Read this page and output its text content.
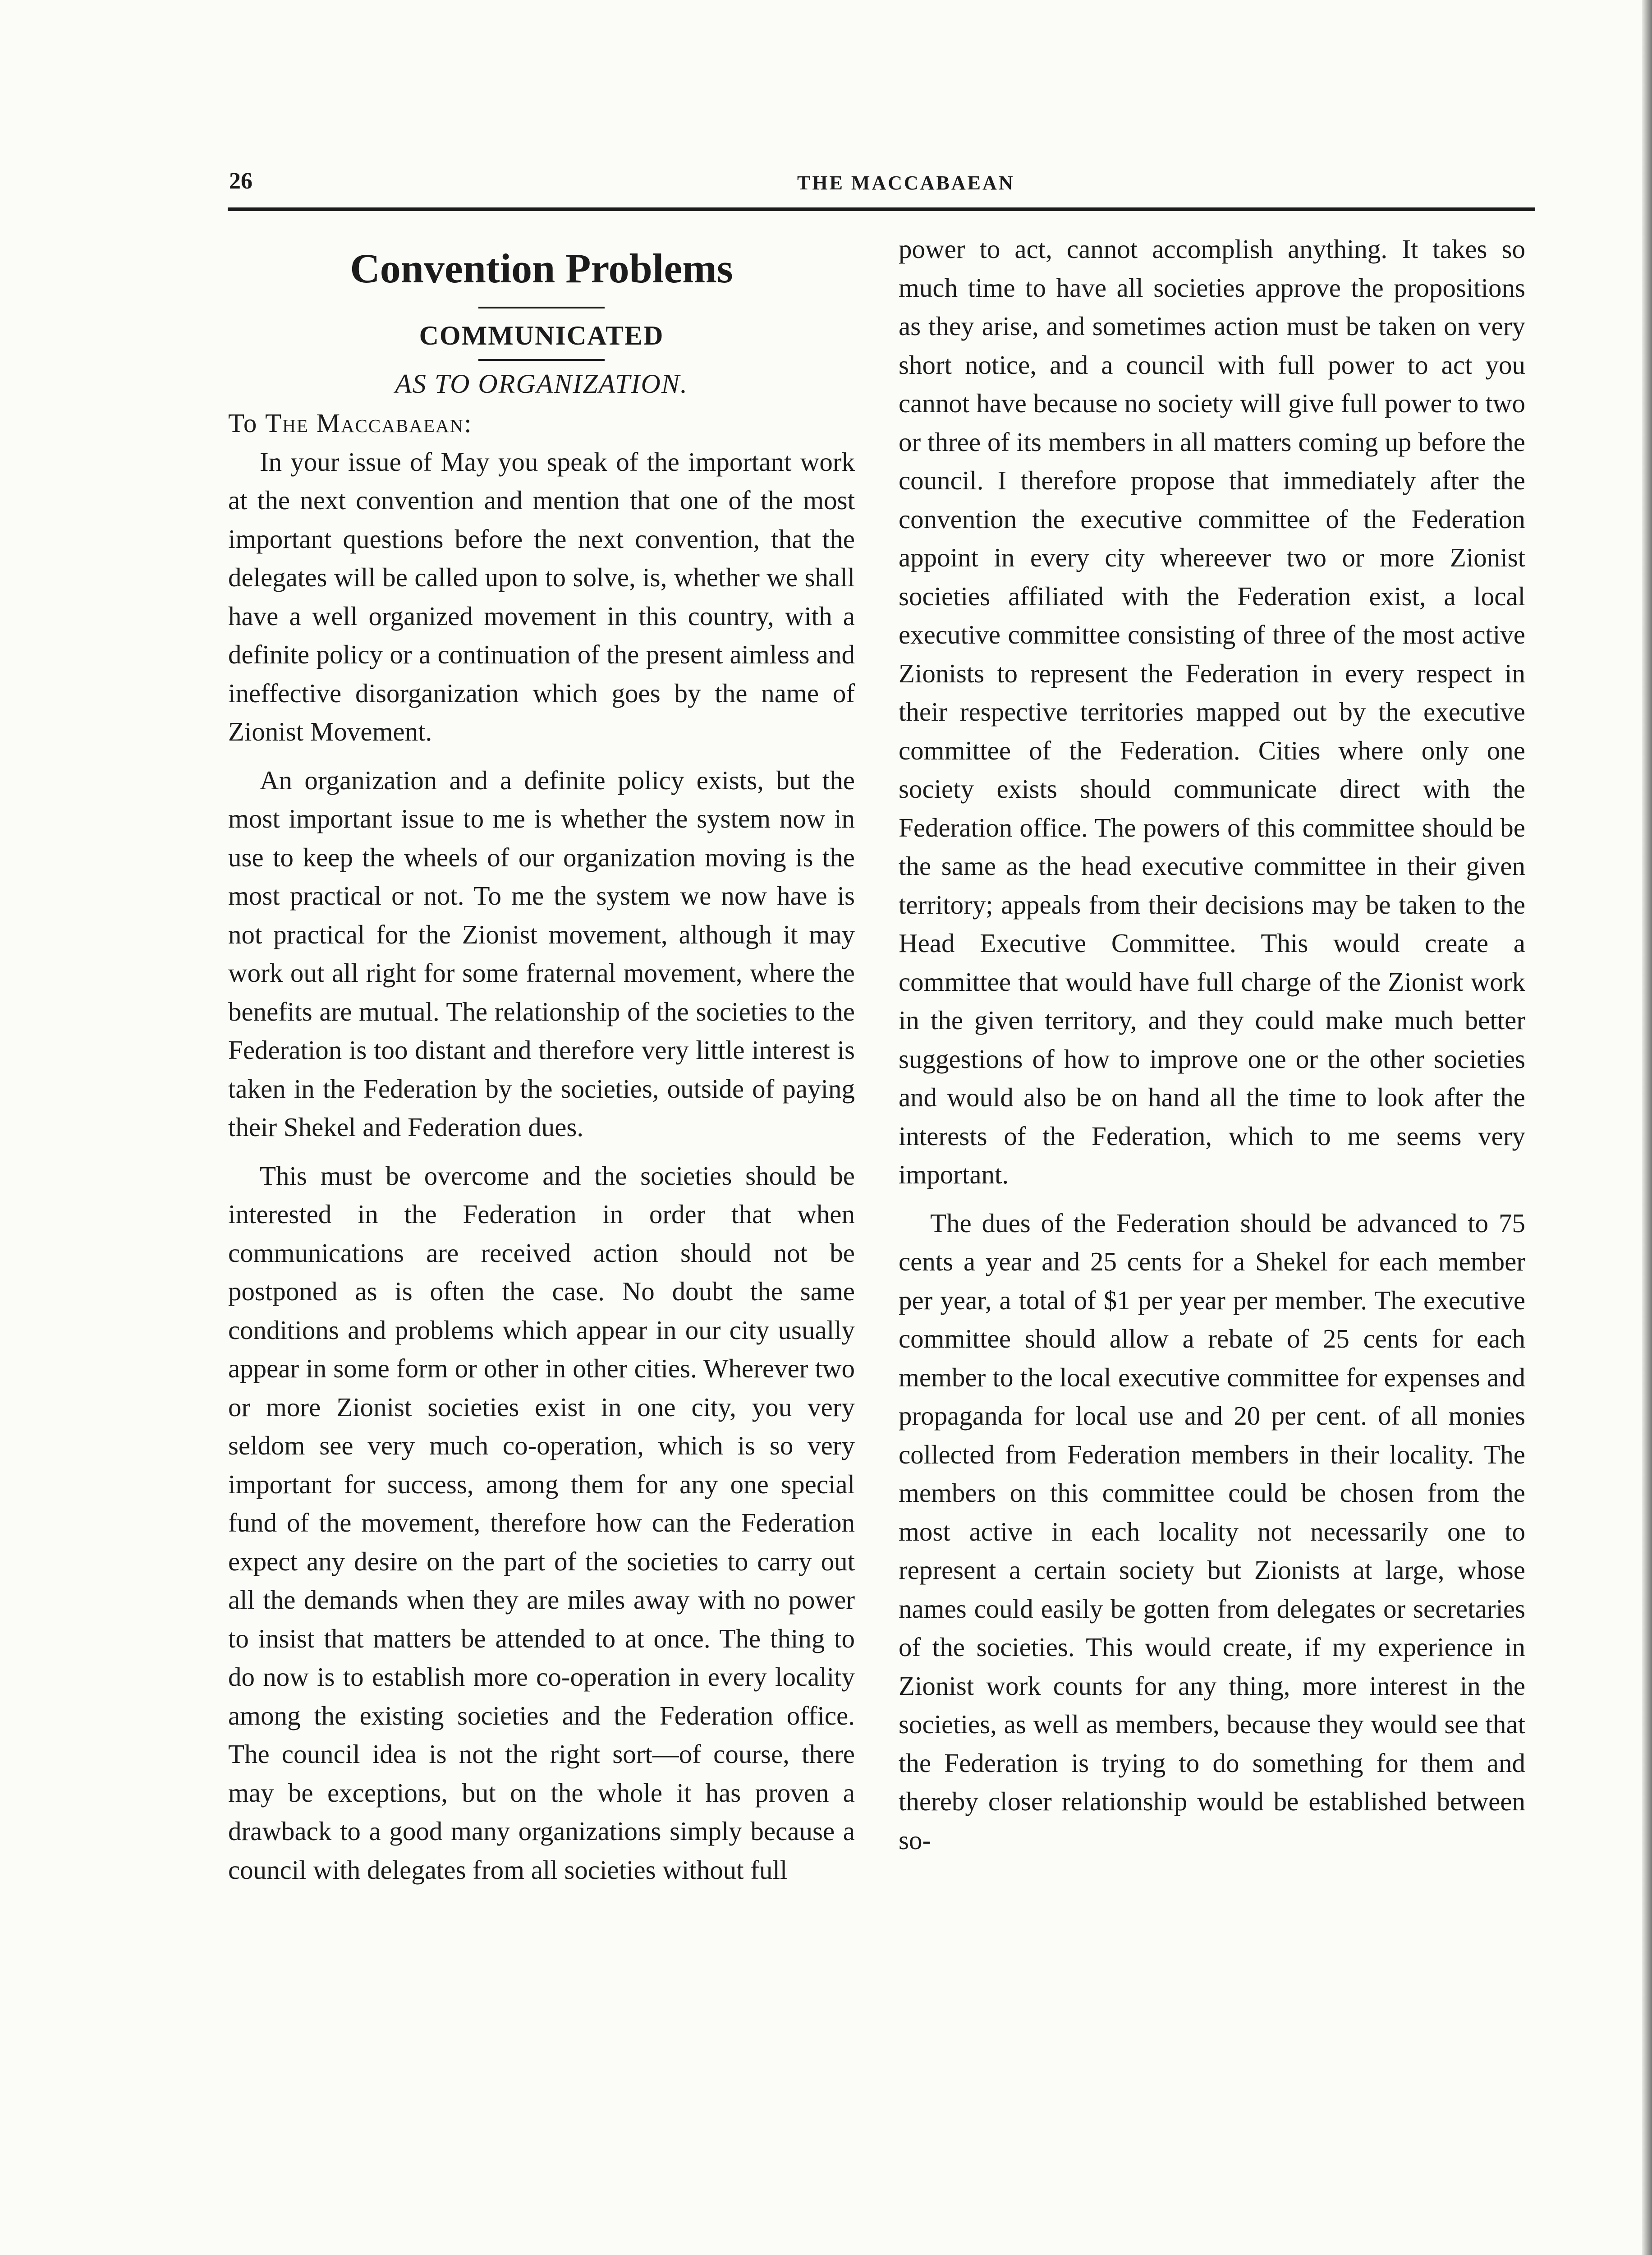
26	THE MACCABAEAN
Convention Problems
COMMUNICATED
AS TO ORGANIZATION.

To The Maccabaean:

In your issue of May you speak of the important work at the next convention and mention that one of the most important questions before the next convention, that the delegates will be called upon to solve, is, whether we shall have a well organized movement in this country, with a definite policy or a continuation of the present aimless and ineffective disorganization which goes by the name of Zionist Movement.

An organization and a definite policy exists, but the most important issue to me is whether the system now in use to keep the wheels of our organization moving is the most practical or not. To me the system we now have is not practical for the Zionist movement, although it may work out all right for some fraternal movement, where the benefits are mutual. The relationship of the societies to the Federation is too distant and therefore very little interest is taken in the Federation by the societies, outside of paying their Shekel and Federation dues.

This must be overcome and the societies should be interested in the Federation in order that when communications are received action should not be postponed as is often the case. No doubt the same conditions and problems which appear in our city usually appear in some form or other in other cities. Wherever two or more Zionist societies exist in one city, you very seldom see very much co-operation, which is so very important for success, among them for any one special fund of the movement, therefore how can the Federation expect any desire on the part of the societies to carry out all the demands when they are miles away with no power to insist that matters be attended to at once. The thing to do now is to establish more co-operation in every locality among the existing societies and the Federation office. The council idea is not the right sort—of course, there may be exceptions, but on the whole it has proven a drawback to a good many organizations simply because a council with delegates from all societies without full

power to act, cannot accomplish anything. It takes so much time to have all societies approve the propositions as they arise, and sometimes action must be taken on very short notice, and a council with full power to act you cannot have because no society will give full power to two or three of its members in all matters coming up before the council. I therefore propose that immediately after the convention the executive committee of the Federation appoint in every city whereever two or more Zionist societies affiliated with the Federation exist, a local executive committee consisting of three of the most active Zionists to represent the Federation in every respect in their respective territories mapped out by the executive committee of the Federation. Cities where only one society exists should communicate direct with the Federation office. The powers of this committee should be the same as the head executive committee in their given territory; appeals from their decisions may be taken to the Head Executive Committee. This would create a committee that would have full charge of the Zionist work in the given territory, and they could make much better suggestions of how to improve one or the other societies and would also be on hand all the time to look after the interests of the Federation, which to me seems very important.

The dues of the Federation should be advanced to 75 cents a year and 25 cents for a Shekel for each member per year, a total of $1 per year per member. The executive committee should allow a rebate of 25 cents for each member to the local executive committee for expenses and propaganda for local use and 20 per cent. of all monies collected from Federation members in their locality. The members on this committee could be chosen from the most active in each locality not necessarily one to represent a certain society but Zionists at large, whose names could easily be gotten from delegates or secretaries of the societies. This would create, if my experience in Zionist work counts for any thing, more interest in the societies, as well as members, because they would see that the Federation is trying to do something for them and thereby closer relationship would be established between so-
